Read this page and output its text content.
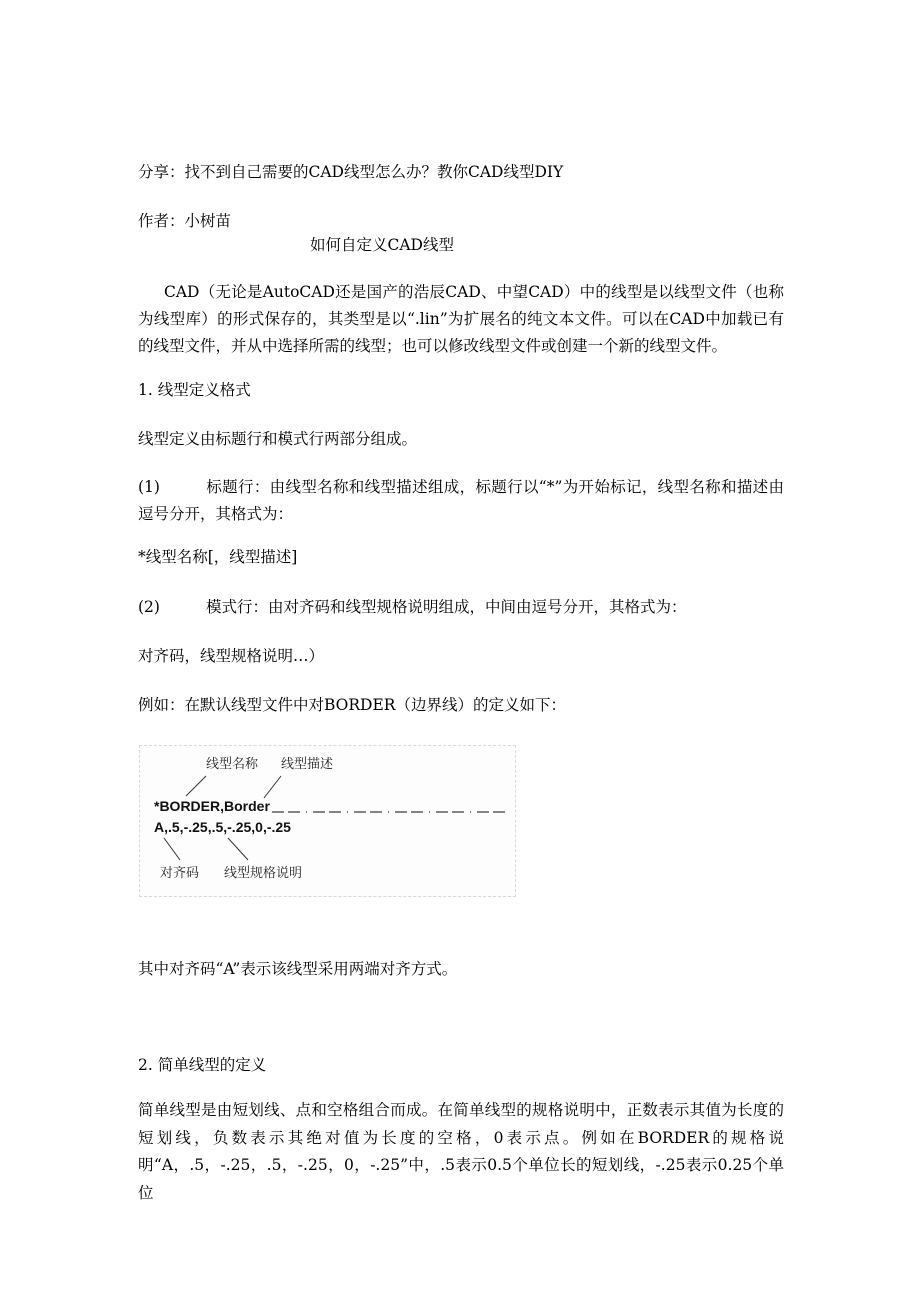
分享：找不到自己需要的CAD线型怎么办？教你CAD线型DIY

作者：小树苗

如何自定义CAD线型

CAD（无论是AutoCAD还是国产的浩辰CAD、中望CAD）中的线型是以线型文件（也称为线型库）的形式保存的，其类型是以“.lin”为扩展名的纯文本文件。可以在CAD中加载已有的线型文件，并从中选择所需的线型；也可以修改线型文件或创建一个新的线型文件。

1. 线型定义格式

线型定义由标题行和模式行两部分组成。

(1)	标题行：由线型名称和线型描述组成，标题行以“*”为开始标记，线型名称和描述由逗号分开，其格式为：

*线型名称[，线型描述]

(2)	模式行：由对齐码和线型规格说明组成，中间由逗号分开，其格式为：

对齐码，线型规格说明…）

例如：在默认线型文件中对BORDER（边界线）的定义如下：

线型名称 线型描述
*BORDER,Border
A,.5,-.25,.5,-.25,0,-.25
对齐码 线型规格说明

其中对齐码“A”表示该线型采用两端对齐方式。

2. 简单线型的定义

简单线型是由短划线、点和空格组合而成。在简单线型的规格说明中，正数表示其值为长度的短划线，负数表示其绝对值为长度的空格，0表示点。例如在BORDER的规格说明“A，.5，-.25，.5，-.25，0，-.25”中，.5表示0.5个单位长的短划线，-.25表示0.25个单位
